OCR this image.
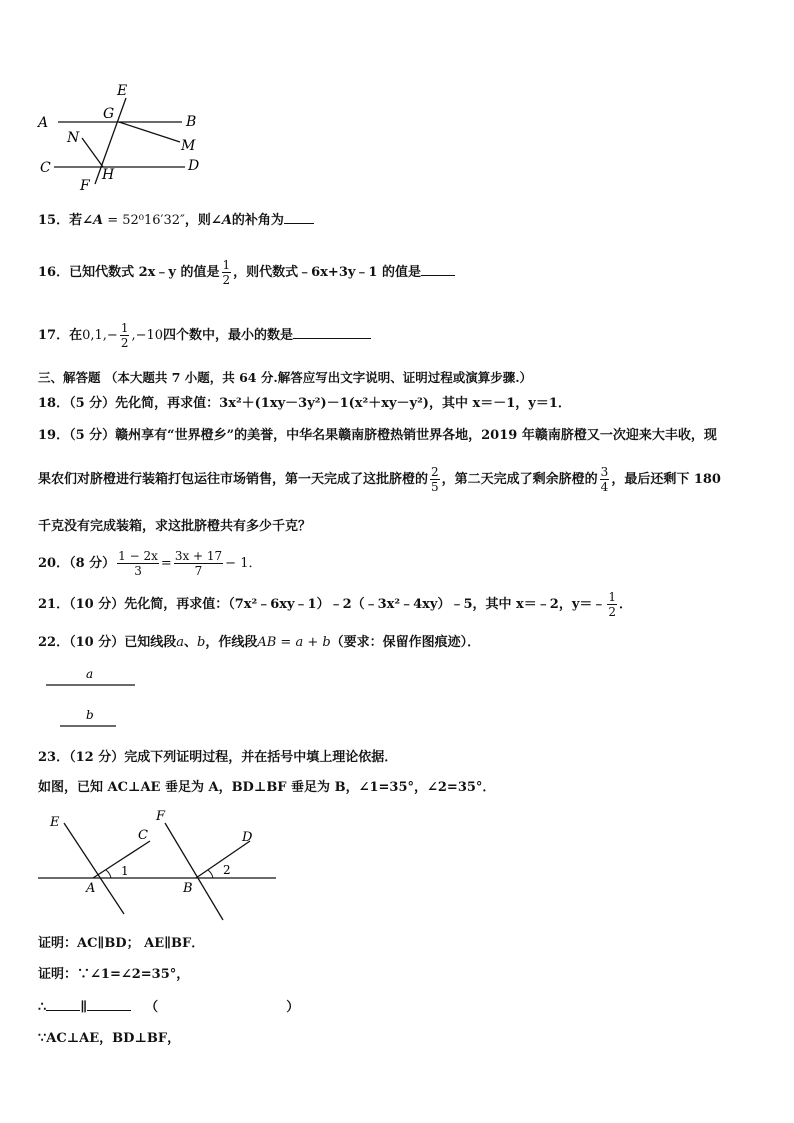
E
G	B
A
N	M
C	D
F
H
15．若∠A = 52⁰16′32″，则∠A的补角为
16．已知代数式 2x﹣y 的值是 $\frac{1}{2}$ ，则代数式﹣6x+3y﹣1 的值是
17．在$0,1,- \frac{1}{2} ,-10$四个数中，最小的数是
三、解答题 （本大题共 7 小题，共 64 分.解答应写出文字说明、证明过程或演算步骤.）
18．（5 分）先化简，再求值：3x²＋(1xy－3y²)－1(x²＋xy－y²)，其中 x＝－1，y＝1．
19．（5 分）赣州享有“世界橙乡”的美誉，中华名果赣南脐橙热销世界各地，2019 年赣南脐橙又一次迎来大丰收，现
果农们对脐橙进行装箱打包运往市场销售，第一天完成了这批脐橙的 $\frac{2}{5}$ ，第二天完成了剩余脐橙的 $\frac{3}{4}$ ，最后还剩下 180
千克没有完成装箱，求这批脐橙共有多少千克？
20．（8 分） $\frac{1 - 2x}{3} = \frac{3x + 17}{7} - 1$．
21．（10 分）先化简，再求值：（7x²﹣6xy﹣1）﹣2（﹣3x²﹣4xy）﹣5，其中 x＝﹣2，y＝﹣ $\frac{1}{2}$ ．
22．（10 分）已知线段a、b，作线段AB = a + b（要求：保留作图痕迹）．
a
b
23．（12 分）完成下列证明过程，并在括号中填上理论依据．
如图，已知 AC⊥AE 垂足为 A，BD⊥BF 垂足为 B，∠1=35°，∠2=35°．
E
C
A
1
F
D
B
2
证明：AC∥BD； AE∥BF．
证明：∵∠1=∠2=35°，
∴	∥	（	）
∵AC⊥AE，BD⊥BF，
